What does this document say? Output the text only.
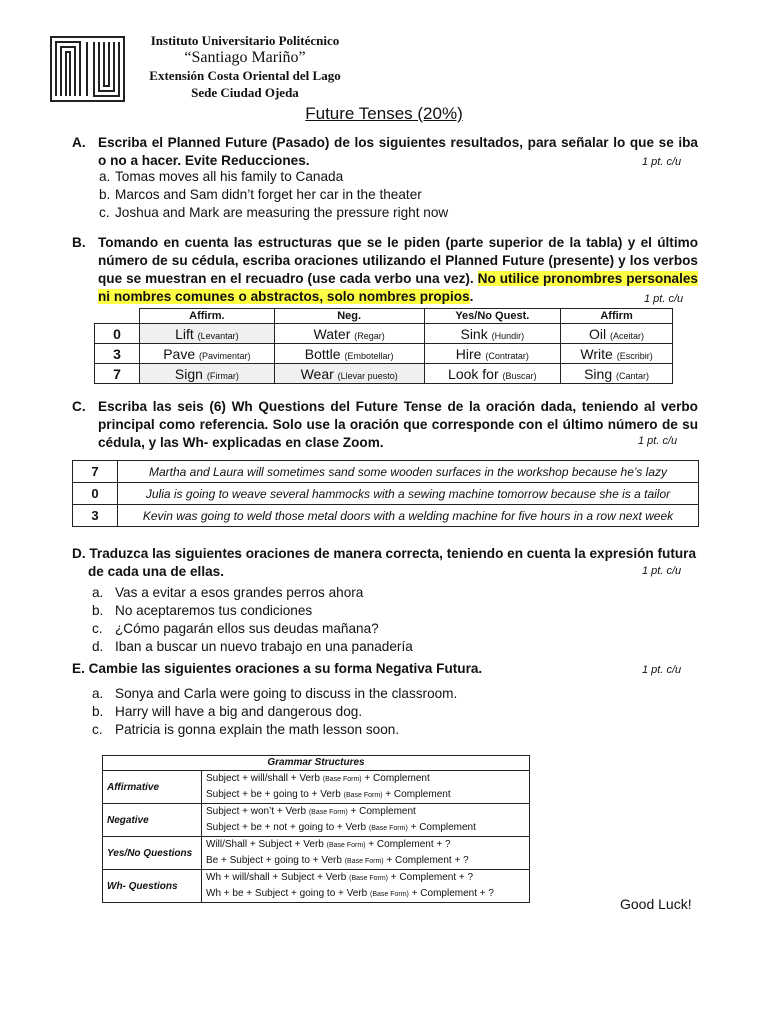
Instituto Universitario Politécnico
“Santiago Mariño”
Extensión Costa Oriental del Lago
Sede Ciudad Ojeda
Future Tenses (20%)
A. Escriba el Planned Future (Pasado) de los siguientes resultados, para señalar lo que se iba o no a hacer. Evite Reducciones.	1 pt. c/u
a. Tomas moves all his family to Canada
b. Marcos and Sam didn’t forget her car in the theater
c. Joshua and Mark are measuring the pressure right now
B. Tomando en cuenta las estructuras que se le piden (parte superior de la tabla) y el último número de su cédula, escriba oraciones utilizando el Planned Future (presente) y los verbos que se muestran en el recuadro (use cada verbo una vez). No utilice pronombres personales ni nombres comunes o abstractos, solo nombres propios.	1 pt. c/u
	Affirm.	Neg.	Yes/No Quest.	Affirm
0	Lift (Levantar)	Water (Regar)	Sink (Hundir)	Oil (Aceitar)
3	Pave (Pavimentar)	Bottle (Embotellar)	Hire (Contratar)	Write (Escribir)
7	Sign (Firmar)	Wear (Llevar puesto)	Look for (Buscar)	Sing (Cantar)
C. Escriba las seis (6) Wh Questions del Future Tense de la oración dada, teniendo al verbo principal como referencia. Solo use la oración que corresponde con el último número de su cédula, y las Wh- explicadas en clase Zoom.	1 pt. c/u
7	Martha and Laura will sometimes sand some wooden surfaces in the workshop because he’s lazy
0	Julia is going to weave several hammocks with a sewing machine tomorrow because she is a tailor
3	Kevin was going to weld those metal doors with a welding machine for five hours in a row next week
D. Traduzca las siguientes oraciones de manera correcta, teniendo en cuenta la expresión futura de cada una de ellas.	1 pt. c/u
a. Vas a evitar a esos grandes perros ahora
b. No aceptaremos tus condiciones
c. ¿Cómo pagarán ellos sus deudas mañana?
d. Iban a buscar un nuevo trabajo en una panadería
E. Cambie las siguientes oraciones a su forma Negativa Futura.	1 pt. c/u
a. Sonya and Carla were going to discuss in the classroom.
b. Harry will have a big and dangerous dog.
c. Patricia is gonna explain the math lesson soon.
Grammar Structures	
Affirmative	Subject + will/shall + Verb (Base Form) + Complement
Subject + be + going to + Verb (Base Form) + Complement

Negative	Subject + won’t + Verb (Base Form) + Complement
Subject + be + not + going to + Verb (Base Form) + Complement

Yes/No Questions	Will/Shall + Subject + Verb (Base Form) + Complement + ?
Be + Subject + going to + Verb (Base Form) + Complement + ?

Wh- Questions	Wh + will/shall + Subject + Verb (Base Form) + Complement + ?
Wh + be + Subject + going to + Verb (Base Form) + Complement + ?
Good Luck!
